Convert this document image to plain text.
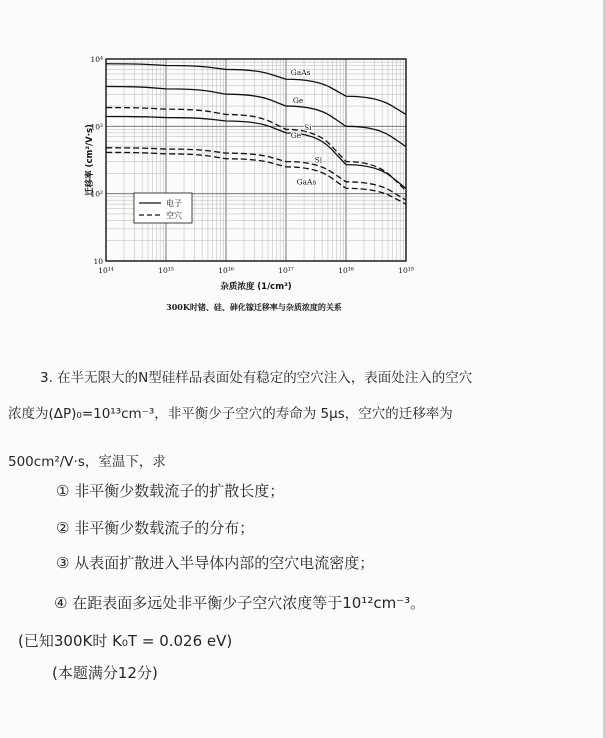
GaAs
Ge
Si
Ge
Si
GaAs
10¹⁴	10¹⁵	10¹⁶	10¹⁷	10¹⁸	10¹⁹
10
10²
10³
10⁴
杂质浓度 (1/cm³)
迁移率 (cm²/V·s)
电子
空穴
300K时锗、硅、砷化镓迁移率与杂质浓度的关系
3. 在半无限大的N型硅样品表面处有稳定的空穴注入，表面处注入的空穴
浓度为(ΔP)₀=10¹³cm⁻³，非平衡少子空穴的寿命为 5μs，空穴的迁移率为
500cm²/V·s，室温下，求
① 非平衡少数载流子的扩散长度；
② 非平衡少数载流子的分布；
③ 从表面扩散进入半导体内部的空穴电流密度；
④ 在距表面多远处非平衡少子空穴浓度等于10¹²cm⁻³。
(已知300K时 K₀T = 0.026 eV)
(本题满分12分)
